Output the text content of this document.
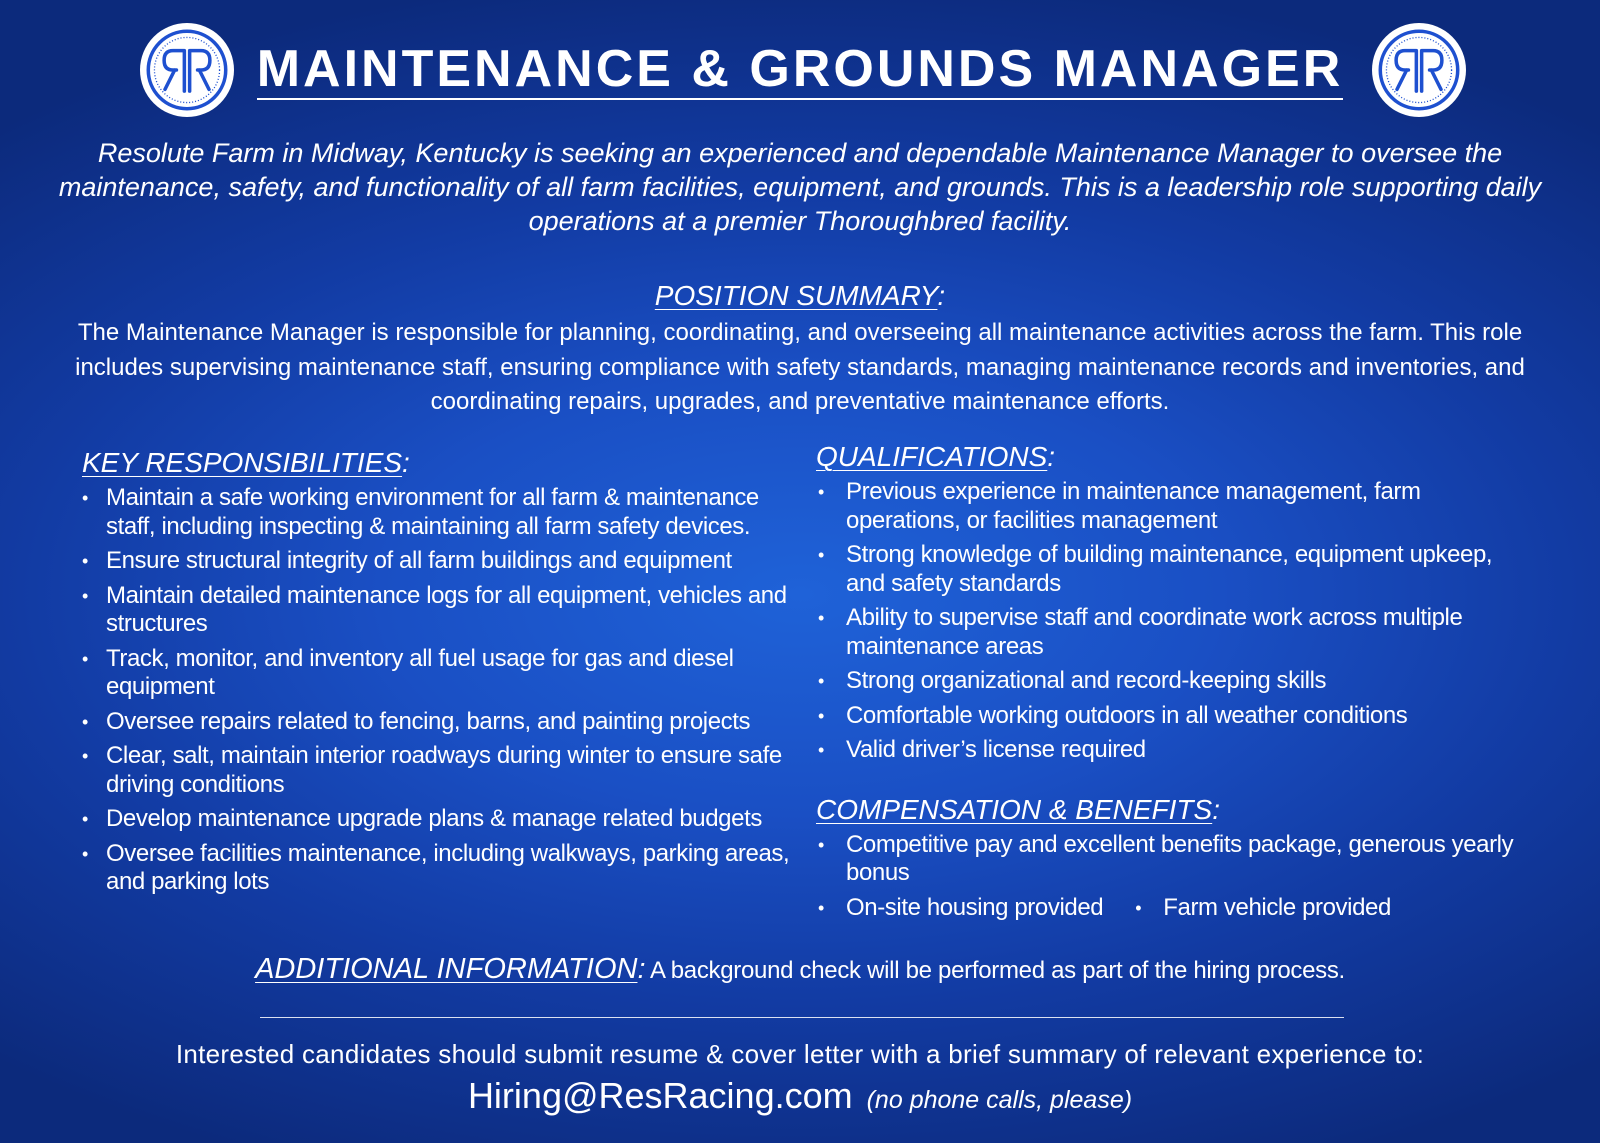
MAINTENANCE & GROUNDS MANAGER
Resolute Farm in Midway, Kentucky is seeking an experienced and dependable Maintenance Manager to oversee the maintenance, safety, and functionality of all farm facilities, equipment, and grounds. This is a leadership role supporting daily operations at a premier Thoroughbred facility.
POSITION SUMMARY:
The Maintenance Manager is responsible for planning, coordinating, and overseeing all maintenance activities across the farm. This role includes supervising maintenance staff, ensuring compliance with safety standards, managing maintenance records and inventories, and coordinating repairs, upgrades, and preventative maintenance efforts.
KEY RESPONSIBILITIES:
• Maintain a safe working environment for all farm & maintenance staff, including inspecting & maintaining all farm safety devices.
• Ensure structural integrity of all farm buildings and equipment
• Maintain detailed maintenance logs for all equipment, vehicles and structures
• Track, monitor, and inventory all fuel usage for gas and diesel equipment
• Oversee repairs related to fencing, barns, and painting projects
• Clear, salt, maintain interior roadways during winter to ensure safe driving conditions
• Develop maintenance upgrade plans & manage related budgets
• Oversee facilities maintenance, including walkways, parking areas, and parking lots
QUALIFICATIONS:
• Previous experience in maintenance management, farm operations, or facilities management
• Strong knowledge of building maintenance, equipment upkeep, and safety standards
• Ability to supervise staff and coordinate work across multiple maintenance areas
• Strong organizational and record-keeping skills
• Comfortable working outdoors in all weather conditions
• Valid driver’s license required
COMPENSATION & BENEFITS:
• Competitive pay and excellent benefits package, generous yearly bonus
• On-site housing provided
•	Farm vehicle provided
ADDITIONAL INFORMATION: A background check will be performed as part of the hiring process.
Interested candidates should submit resume & cover letter with a brief summary of relevant experience to:
Hiring@ResRacing.com (no phone calls, please)
